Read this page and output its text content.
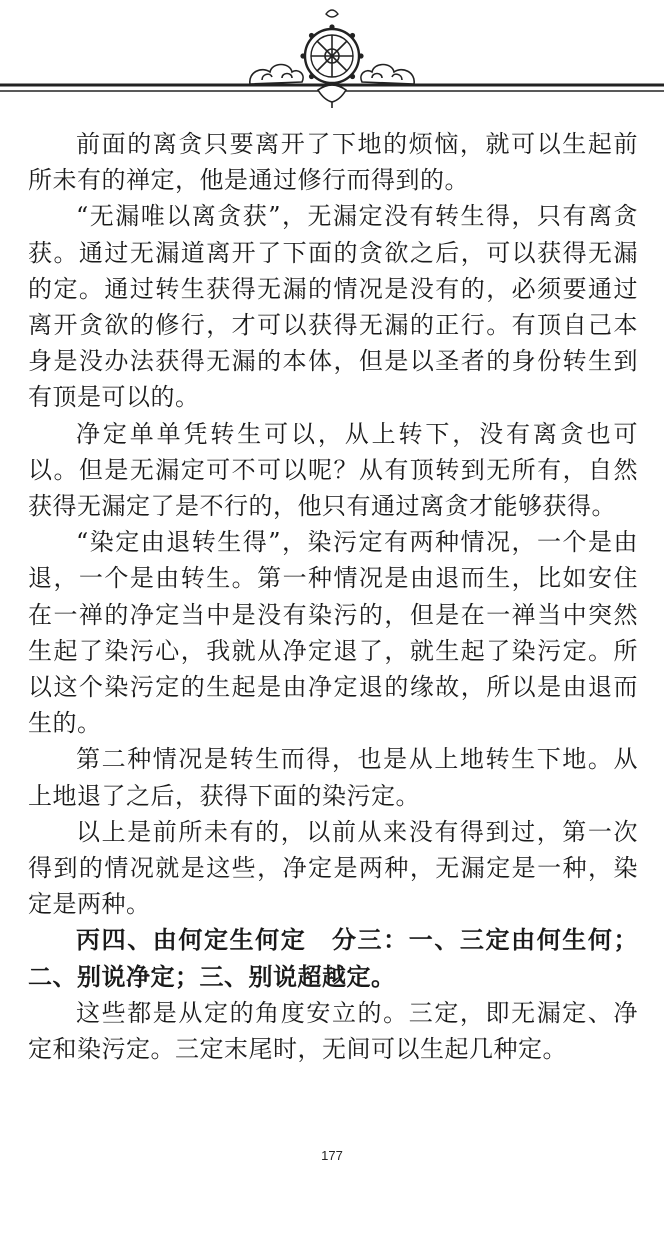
前面的离贪只要离开了下地的烦恼，就可以生起前所未有的禅定，他是通过修行而得到的。

“无漏唯以离贪获”，无漏定没有转生得，只有离贪获。通过无漏道离开了下面的贪欲之后，可以获得无漏的定。通过转生获得无漏的情况是没有的，必须要通过离开贪欲的修行，才可以获得无漏的正行。有顶自己本身是没办法获得无漏的本体，但是以圣者的身份转生到有顶是可以的。

净定单单凭转生可以，从上转下，没有离贪也可以。但是无漏定可不可以呢？从有顶转到无所有，自然获得无漏定了是不行的，他只有通过离贪才能够获得。

“染定由退转生得”，染污定有两种情况，一个是由退，一个是由转生。第一种情况是由退而生，比如安住在一禅的净定当中是没有染污的，但是在一禅当中突然生起了染污心，我就从净定退了，就生起了染污定。所以这个染污定的生起是由净定退的缘故，所以是由退而生的。

第二种情况是转生而得，也是从上地转生下地。从上地退了之后，获得下面的染污定。

以上是前所未有的，以前从来没有得到过，第一次得到的情况就是这些，净定是两种，无漏定是一种，染定是两种。

丙四、由何定生何定　分三：一、三定由何生何；二、别说净定；三、别说超越定。

这些都是从定的角度安立的。三定，即无漏定、净定和染污定。三定末尾时，无间可以生起几种定。

177
